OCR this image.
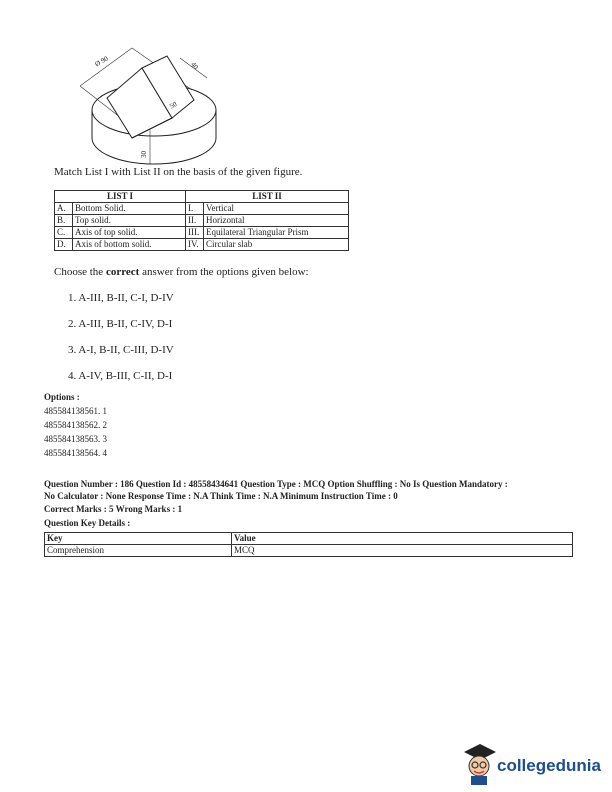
Ø 90	40
50
30
Match List I with List II on the basis of the given figure.
LIST I		LIST II	
A.	Bottom Solid.	I.	Vertical
B.	Top solid.	II.	Horizontal
C.	Axis of top solid.	III.	Equilateral Triangular Prism
D.	Axis of bottom solid.	IV.	Circular slab
Choose the correct answer from the options given below:
1. A-III, B-II, C-I, D-IV
2. A-III, B-II, C-IV, D-I
3. A-I, B-II, C-III, D-IV
4. A-IV, B-III, C-II, D-I
Options :
485584138561. 1
485584138562. 2
485584138563. 3
485584138564. 4
Question Number : 186 Question Id : 48558434641 Question Type : MCQ Option Shuffling : No Is Question Mandatory :
No Calculator : None Response Time : N.A Think Time : N.A Minimum Instruction Time : 0
Correct Marks : 5 Wrong Marks : 1
Question Key Details :
Key	Value
Comprehension	MCQ
collegedunia
